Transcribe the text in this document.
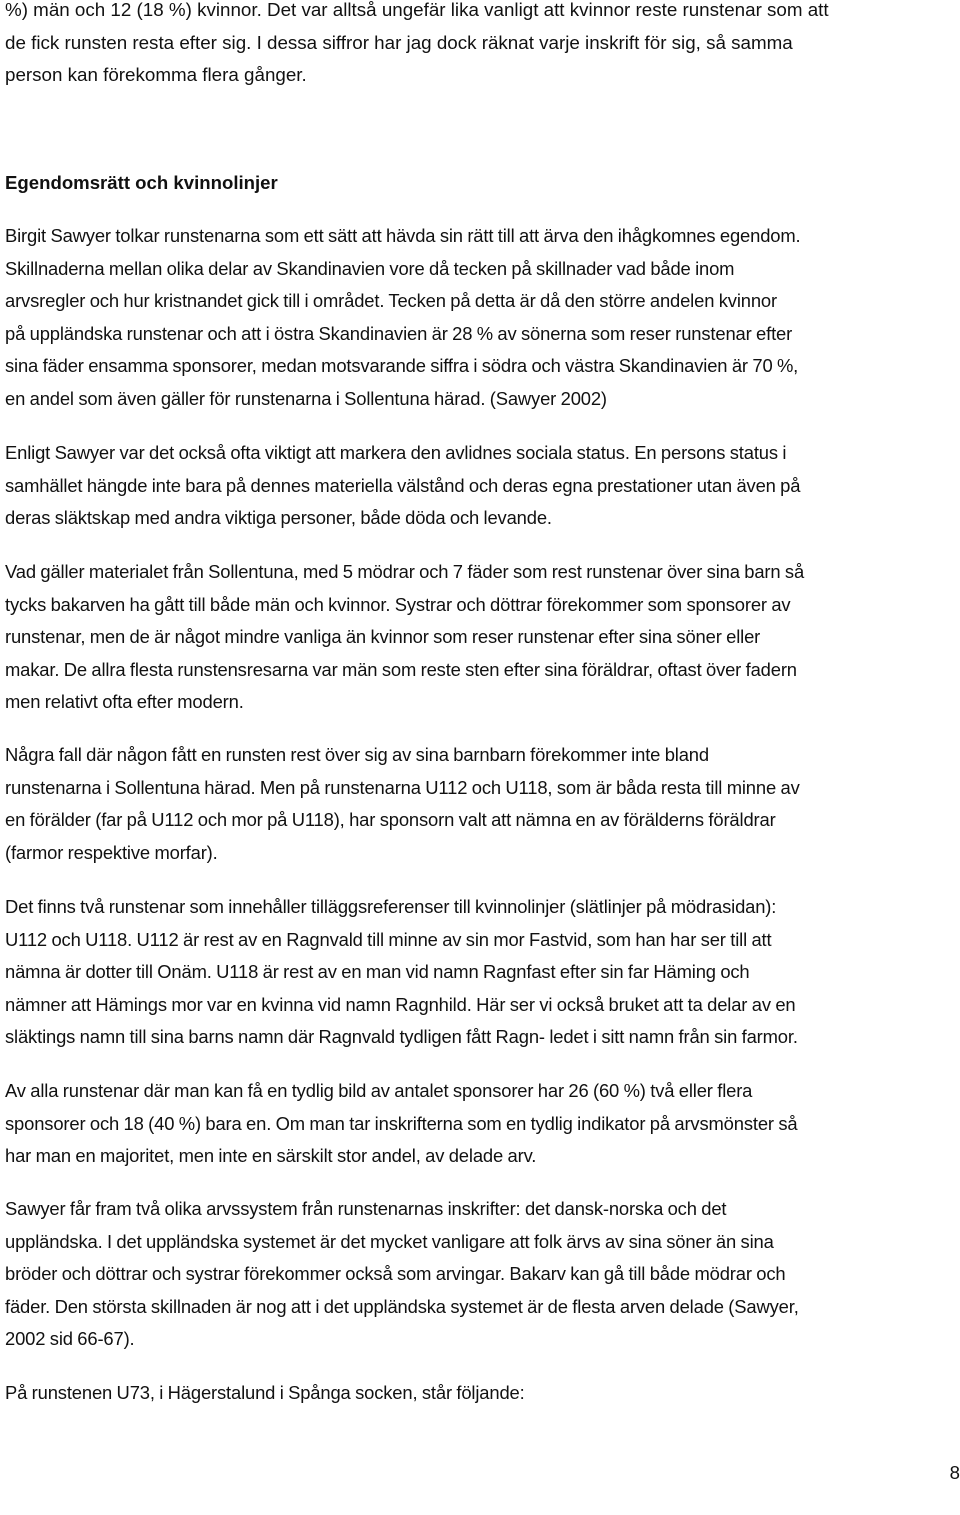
%) män och 12 (18 %) kvinnor. Det var alltså ungefär lika vanligt att kvinnor reste runstenar som att
de fick runsten resta efter sig. I dessa siffror har jag dock räknat varje inskrift för sig, så samma
person kan förekomma flera gånger.
Egendomsrätt och kvinnolinjer
Birgit Sawyer tolkar runstenarna som ett sätt att hävda sin rätt till att ärva den ihågkomnes egendom.
Skillnaderna mellan olika delar av Skandinavien vore då tecken på skillnader vad både inom
arvsregler och hur kristnandet gick till i området. Tecken på detta är då den större andelen kvinnor
på uppländska runstenar och att i östra Skandinavien är 28 % av sönerna som reser runstenar efter
sina fäder ensamma sponsorer, medan motsvarande siffra i södra och västra Skandinavien är 70 %,
en andel som även gäller för runstenarna i Sollentuna härad. (Sawyer 2002)
Enligt Sawyer var det också ofta viktigt att markera den avlidnes sociala status. En persons status i
samhället hängde inte bara på dennes materiella välstånd och deras egna prestationer utan även på
deras släktskap med andra viktiga personer, både döda och levande.
Vad gäller materialet från Sollentuna, med 5 mödrar och 7 fäder som rest runstenar över sina barn så
tycks bakarven ha gått till både män och kvinnor. Systrar och döttrar förekommer som sponsorer av
runstenar, men de är något mindre vanliga än kvinnor som reser runstenar efter sina söner eller
makar. De allra flesta runstensresarna var män som reste sten efter sina föräldrar, oftast över fadern
men relativt ofta efter modern.
Några fall där någon fått en runsten rest över sig av sina barnbarn förekommer inte bland
runstenarna i Sollentuna härad. Men på runstenarna U112 och U118, som är båda resta till minne av
en förälder (far på U112 och mor på U118), har sponsorn valt att nämna en av förälderns föräldrar
(farmor respektive morfar).
Det finns två runstenar som innehåller tilläggsreferenser till kvinnolinjer (slätlinjer på mödrasidan):
U112 och U118. U112 är rest av en Ragnvald till minne av sin mor Fastvid, som han har ser till att
nämna är dotter till Onäm. U118 är rest av en man vid namn Ragnfast efter sin far Häming och
nämner att Hämings mor var en kvinna vid namn Ragnhild. Här ser vi också bruket att ta delar av en
släktings namn till sina barns namn där Ragnvald tydligen fått Ragn- ledet i sitt namn från sin farmor.
Av alla runstenar där man kan få en tydlig bild av antalet sponsorer har 26 (60 %) två eller flera
sponsorer och 18 (40 %) bara en. Om man tar inskrifterna som en tydlig indikator på arvsmönster så
har man en majoritet, men inte en särskilt stor andel, av delade arv.
Sawyer får fram två olika arvssystem från runstenarnas inskrifter: det dansk-norska och det
uppländska. I det uppländska systemet är det mycket vanligare att folk ärvs av sina söner än sina
bröder och döttrar och systrar förekommer också som arvingar. Bakarv kan gå till både mödrar och
fäder. Den största skillnaden är nog att i det uppländska systemet är de flesta arven delade (Sawyer,
2002 sid 66-67).
På runstenen U73, i Hägerstalund i Spånga socken, står följande:
8
